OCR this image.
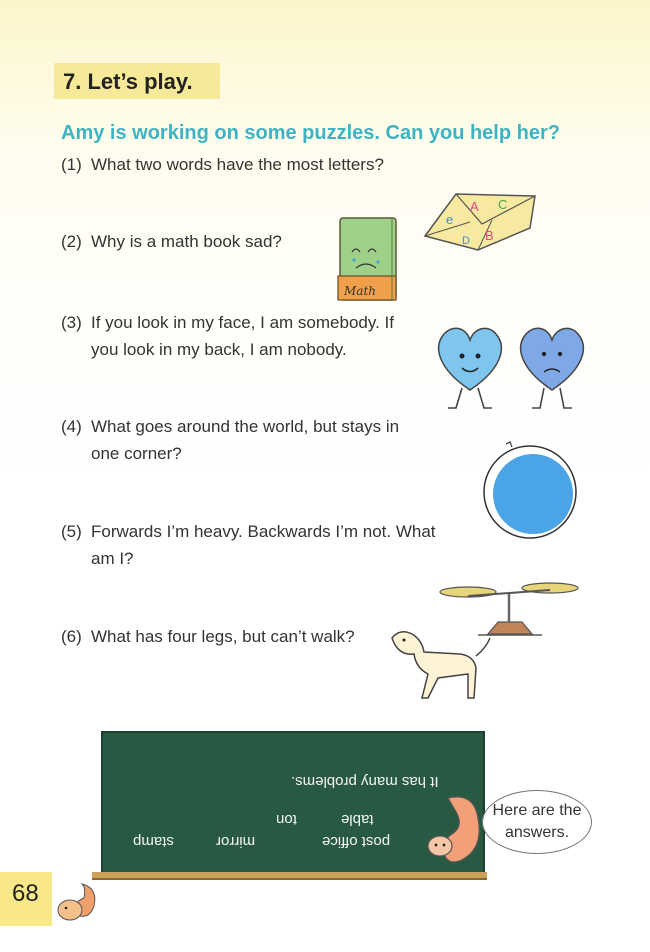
7. Let’s play.
Amy is working on some puzzles. Can you help her?
(1) What two words have the most letters?
(2) Why is a math book sad?
(3) If you look in my face, I am somebody. If
you look in my back, I am nobody.
(4) What goes around the world, but stays in
one corner?
(5) Forwards I’m heavy. Backwards I’m not. What
am I?
(6) What has four legs, but can’t walk?
A C
e
D B
Math
It has many problems.
table
ton
post office
mirror
stamp
Here are the answers.
68
